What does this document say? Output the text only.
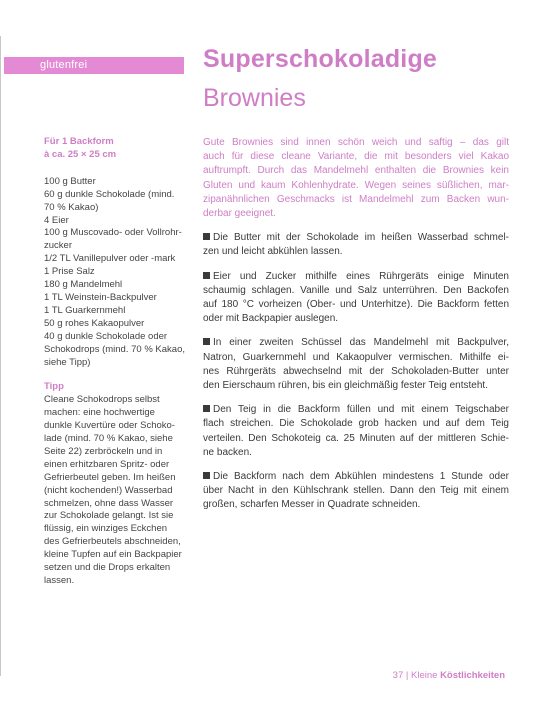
glutenfrei	Superschokoladige
Brownies
Für 1 Backform
à ca. 25 × 25 cm
100 g Butter
60 g dunkle Schokolade (mind.
70 % Kakao)
4 Eier
100 g Muscovado- oder Vollrohr-
zucker
1/2 TL Vanillepulver oder -mark
1 Prise Salz
180 g Mandelmehl
1 TL Weinstein-Backpulver
1 TL Guarkernmehl
50 g rohes Kakaopulver
40 g dunkle Schokolade oder
Schokodrops (mind. 70 % Kakao,
siehe Tipp)
Tipp
Cleane Schokodrops selbst
machen: eine hochwertige
dunkle Kuvertüre oder Schoko-
lade (mind. 70 % Kakao, siehe
Seite 22) zerbröckeln und in
einen erhitzbaren Spritz- oder
Gefrierbeutel geben. Im heißen
(nicht kochenden!) Wasserbad
schmelzen, ohne dass Wasser
zur Schokolade gelangt. Ist sie
flüssig, ein winziges Eckchen
des Gefrierbeutels abschneiden,
kleine Tupfen auf ein Backpapier
setzen und die Drops erkalten
lassen.
Gute Brownies sind innen schön weich und saftig – das gilt
auch für diese cleane Variante, die mit besonders viel Kakao
auftrumpft. Durch das Mandelmehl enthalten die Brownies kein
Gluten und kaum Kohlenhydrate. Wegen seines süßlichen, mar-
zipanähnlichen Geschmacks ist Mandelmehl zum Backen wun-
derbar geeignet.
Die Butter mit der Schokolade im heißen Wasserbad schmel-
zen und leicht abkühlen lassen.
Eier und Zucker mithilfe eines Rührgeräts einige Minuten
schaumig schlagen. Vanille und Salz unterrühren. Den Backofen
auf 180 °C vorheizen (Ober- und Unterhitze). Die Backform fetten
oder mit Backpapier auslegen.
In einer zweiten Schüssel das Mandelmehl mit Backpulver,
Natron, Guarkernmehl und Kakaopulver vermischen. Mithilfe ei-
nes Rührgeräts abwechselnd mit der Schokoladen-Butter unter
den Eierschaum rühren, bis ein gleichmäßig fester Teig entsteht.
Den Teig in die Backform füllen und mit einem Teigschaber
flach streichen. Die Schokolade grob hacken und auf dem Teig
verteilen. Den Schokoteig ca. 25 Minuten auf der mittleren Schie-
ne backen.
Die Backform nach dem Abkühlen mindestens 1 Stunde oder
über Nacht in den Kühlschrank stellen. Dann den Teig mit einem
großen, scharfen Messer in Quadrate schneiden.
37 | Kleine Köstlichkeiten
